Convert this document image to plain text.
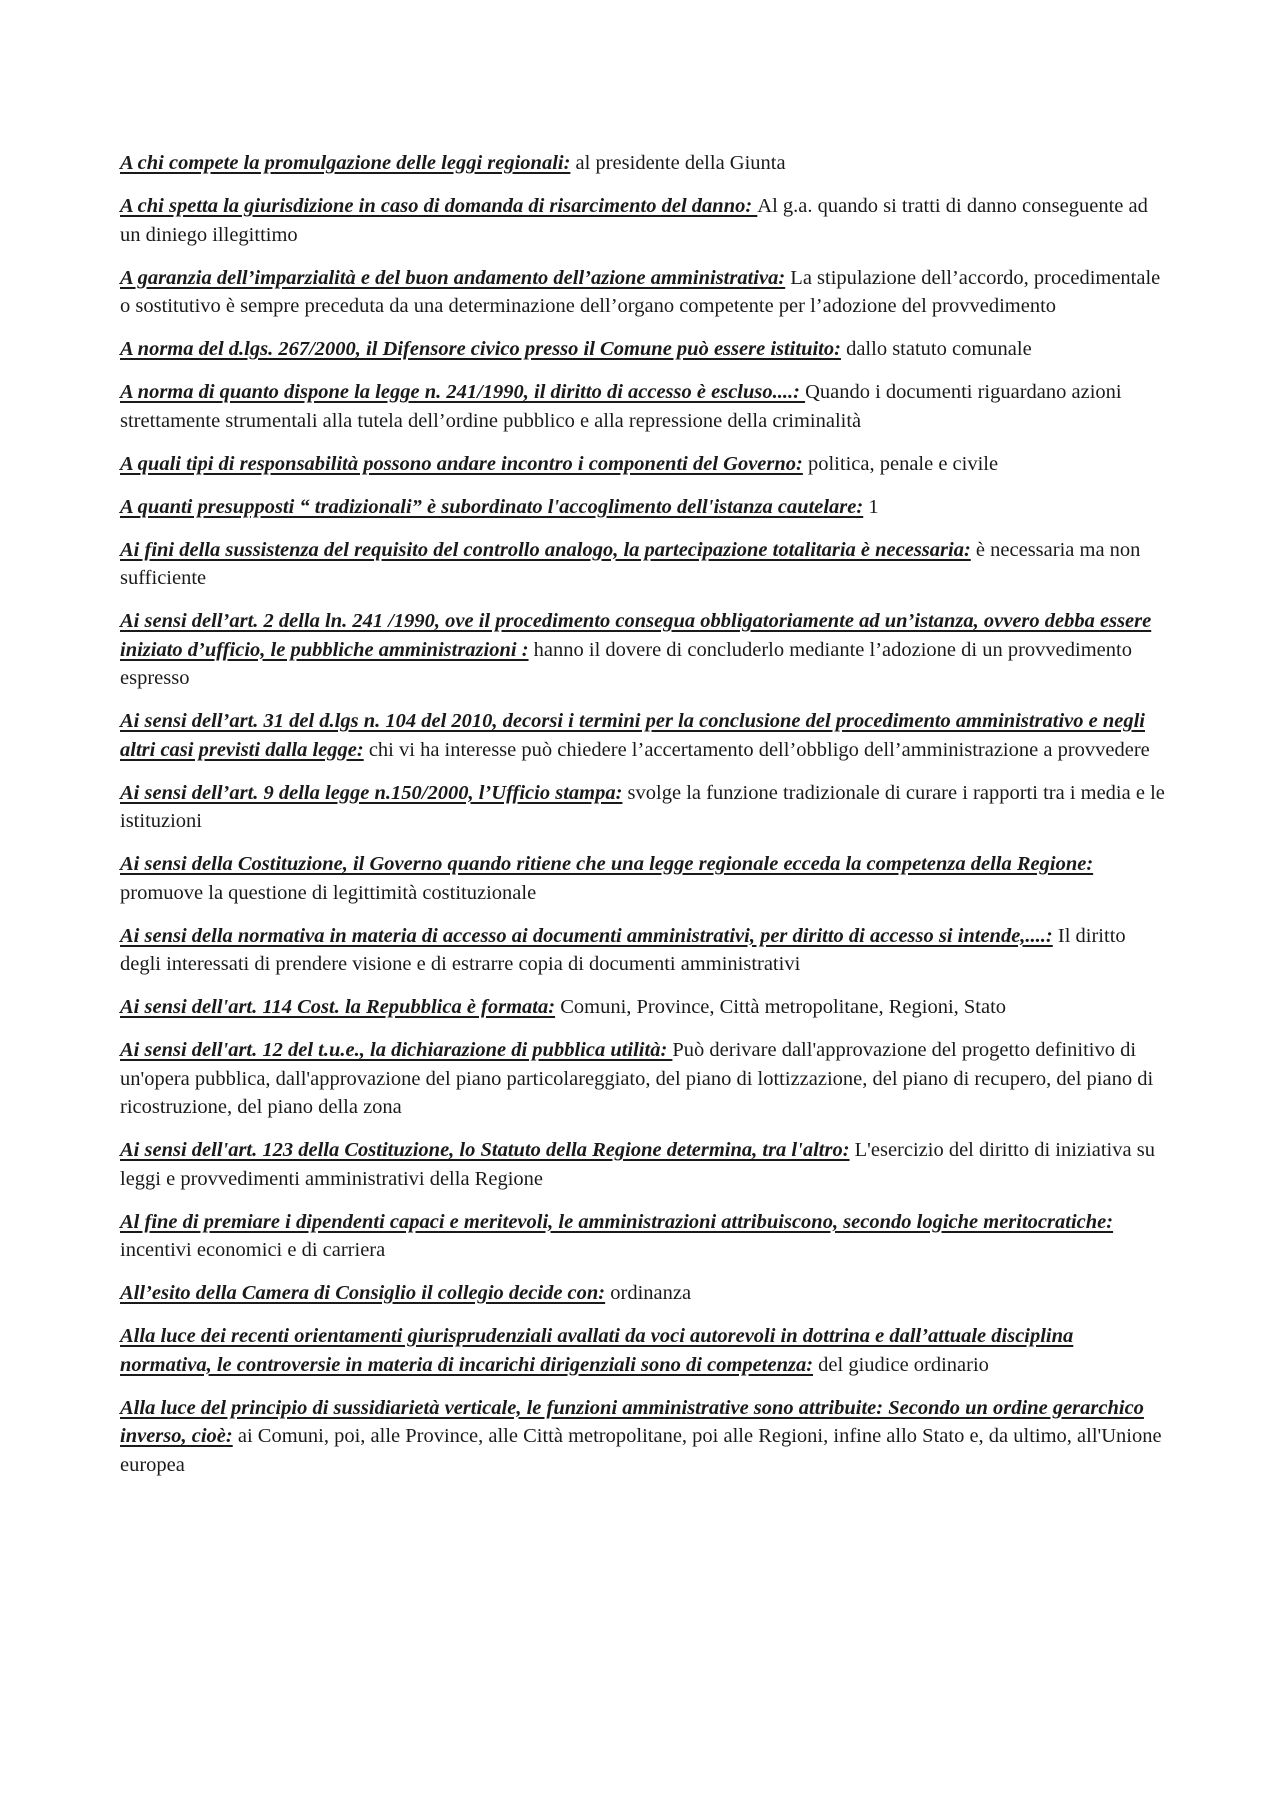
A chi compete la promulgazione delle leggi regionali: al presidente della Giunta

A chi spetta la giurisdizione in caso di domanda di risarcimento del danno: Al g.a. quando si tratti di danno conseguente ad un diniego illegittimo

A garanzia dell’imparzialità e del buon andamento dell’azione amministrativa: La stipulazione dell’accordo, procedimentale o sostitutivo è sempre preceduta da una determinazione dell’organo competente per l’adozione del provvedimento

A norma del d.lgs. 267/2000, il Difensore civico presso il Comune può essere istituito: dallo statuto comunale

A norma di quanto dispone la legge n. 241/1990, il diritto di accesso è escluso....: Quando i documenti riguardano azioni strettamente strumentali alla tutela dell’ordine pubblico e alla repressione della criminalità

A quali tipi di responsabilità possono andare incontro i componenti del Governo: politica, penale e civile

A quanti presupposti “ tradizionali” è subordinato l'accoglimento dell'istanza cautelare: 1

Ai fini della sussistenza del requisito del controllo analogo, la partecipazione totalitaria è necessaria: è necessaria ma non sufficiente

Ai sensi dell’art. 2 della ln. 241 /1990, ove il procedimento consegua obbligatoriamente ad un’istanza, ovvero debba essere iniziato d’ufficio, le pubbliche amministrazioni : hanno il dovere di concluderlo mediante l’adozione di un provvedimento espresso

Ai sensi dell’art. 31 del d.lgs n. 104 del 2010, decorsi i termini per la conclusione del procedimento amministrativo e negli altri casi previsti dalla legge: chi vi ha interesse può chiedere l’accertamento dell’obbligo dell’amministrazione a provvedere

Ai sensi dell’art. 9 della legge n.150/2000, l’Ufficio stampa: svolge la funzione tradizionale di curare i rapporti tra i media e le istituzioni

Ai sensi della Costituzione, il Governo quando ritiene che una legge regionale ecceda la competenza della Regione: promuove la questione di legittimità costituzionale

Ai sensi della normativa in materia di accesso ai documenti amministrativi, per diritto di accesso si intende,....: Il diritto degli interessati di prendere visione e di estrarre copia di documenti amministrativi

Ai sensi dell'art. 114 Cost. la Repubblica è formata: Comuni, Province, Città metropolitane, Regioni, Stato

Ai sensi dell'art. 12 del t.u.e., la dichiarazione di pubblica utilità: Può derivare dall'approvazione del progetto definitivo di un'opera pubblica, dall'approvazione del piano particolareggiato, del piano di lottizzazione, del piano di recupero, del piano di ricostruzione, del piano della zona

Ai sensi dell'art. 123 della Costituzione, lo Statuto della Regione determina, tra l'altro: L'esercizio del diritto di iniziativa su leggi e provvedimenti amministrativi della Regione

Al fine di premiare i dipendenti capaci e meritevoli, le amministrazioni attribuiscono, secondo logiche meritocratiche: incentivi economici e di carriera

All’esito della Camera di Consiglio il collegio decide con: ordinanza

Alla luce dei recenti orientamenti giurisprudenziali avallati da voci autorevoli in dottrina e dall’attuale disciplina normativa, le controversie in materia di incarichi dirigenziali sono di competenza: del giudice ordinario

Alla luce del principio di sussidiarietà verticale, le funzioni amministrative sono attribuite: Secondo un ordine gerarchico inverso, cioè: ai Comuni, poi, alle Province, alle Città metropolitane, poi alle Regioni, infine allo Stato e, da ultimo, all'Unione europea
